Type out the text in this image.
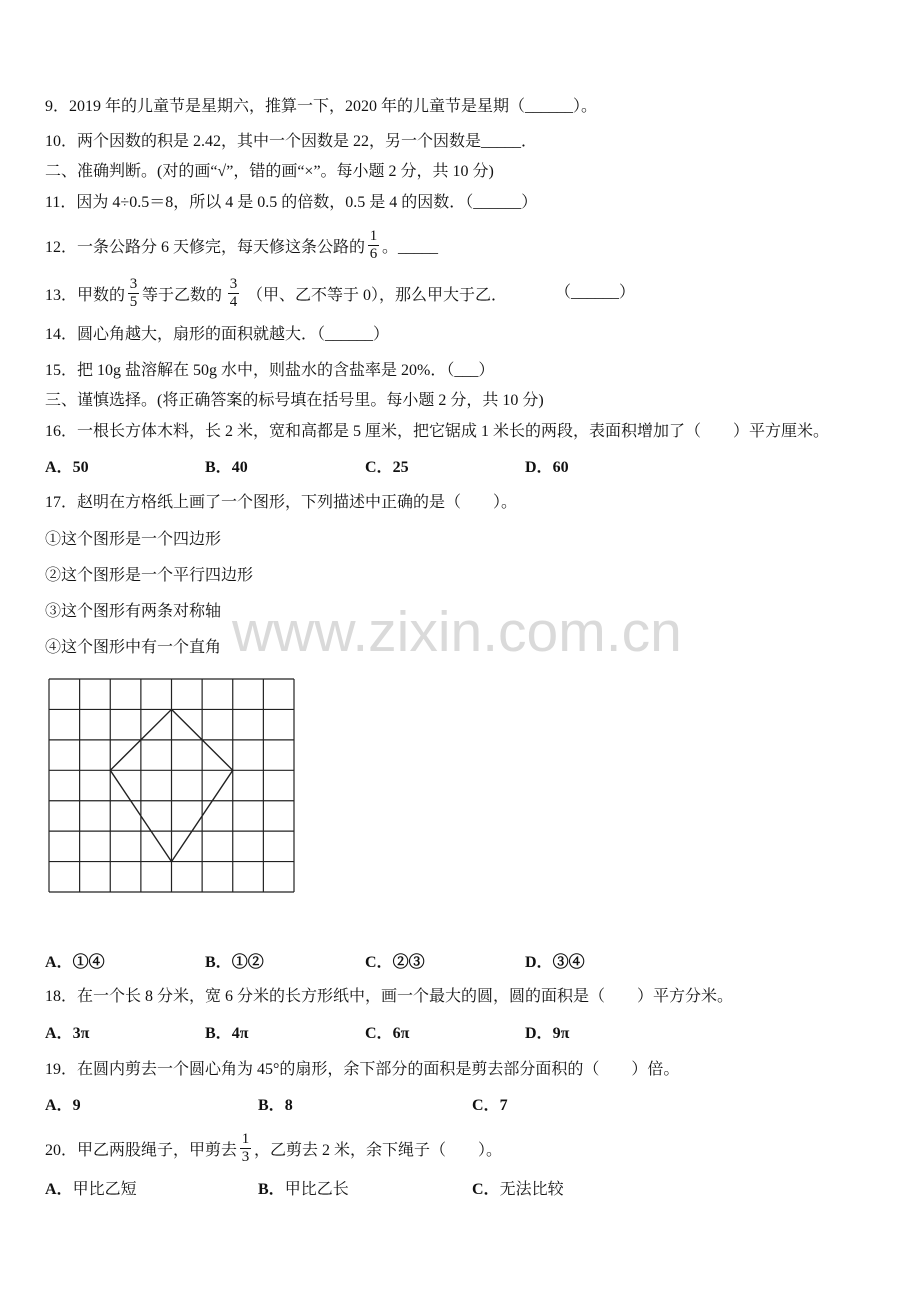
www.zixin.com.cn
9．2019 年的儿童节是星期六，推算一下，2020 年的儿童节是星期（______）。
10．两个因数的积是 2.42，其中一个因数是 22，另一个因数是_____．
二、准确判断。(对的画“√”，错的画“×”。每小题 2 分，共 10 分)
11．因为 4÷0.5＝8，所以 4 是 0.5 的倍数，0.5 是 4 的因数．（______）
12．一条公路分 6 天修完，每天修这条公路的 $\frac{1}{6}$ 。_____
13．甲数的 $\frac{3}{5}$ 等于乙数的 $\frac{3}{4}$ （甲、乙不等于 0），那么甲大于乙．	（______）
14．圆心角越大，扇形的面积就越大．（______）
15．把 10g 盐溶解在 50g 水中，则盐水的含盐率是 20%．（___）
三、谨慎选择。(将正确答案的标号填在括号里。每小题 2 分，共 10 分)
16．一根长方体木料，长 2 米，宽和高都是 5 厘米，把它锯成 1 米长的两段，表面积增加了（　　）平方厘米。
A．50	B．40	C．25	D．60
17．赵明在方格纸上画了一个图形，下列描述中正确的是（　　）。
①这个图形是一个四边形
②这个图形是一个平行四边形
③这个图形有两条对称轴
④这个图形中有一个直角
A．①④	B．①②	C．②③	D．③④
18．在一个长 8 分米，宽 6 分米的长方形纸中，画一个最大的圆，圆的面积是（　　）平方分米。
A．3π	B．4π	C．6π	D．9π
19．在圆内剪去一个圆心角为 45°的扇形，余下部分的面积是剪去部分面积的（　　）倍。
A．9	B．8	C．7
20．甲乙两股绳子，甲剪去 $\frac{1}{3}$ ，乙剪去 2 米，余下绳子（　　）。
A．甲比乙短	B．甲比乙长	C．无法比较
